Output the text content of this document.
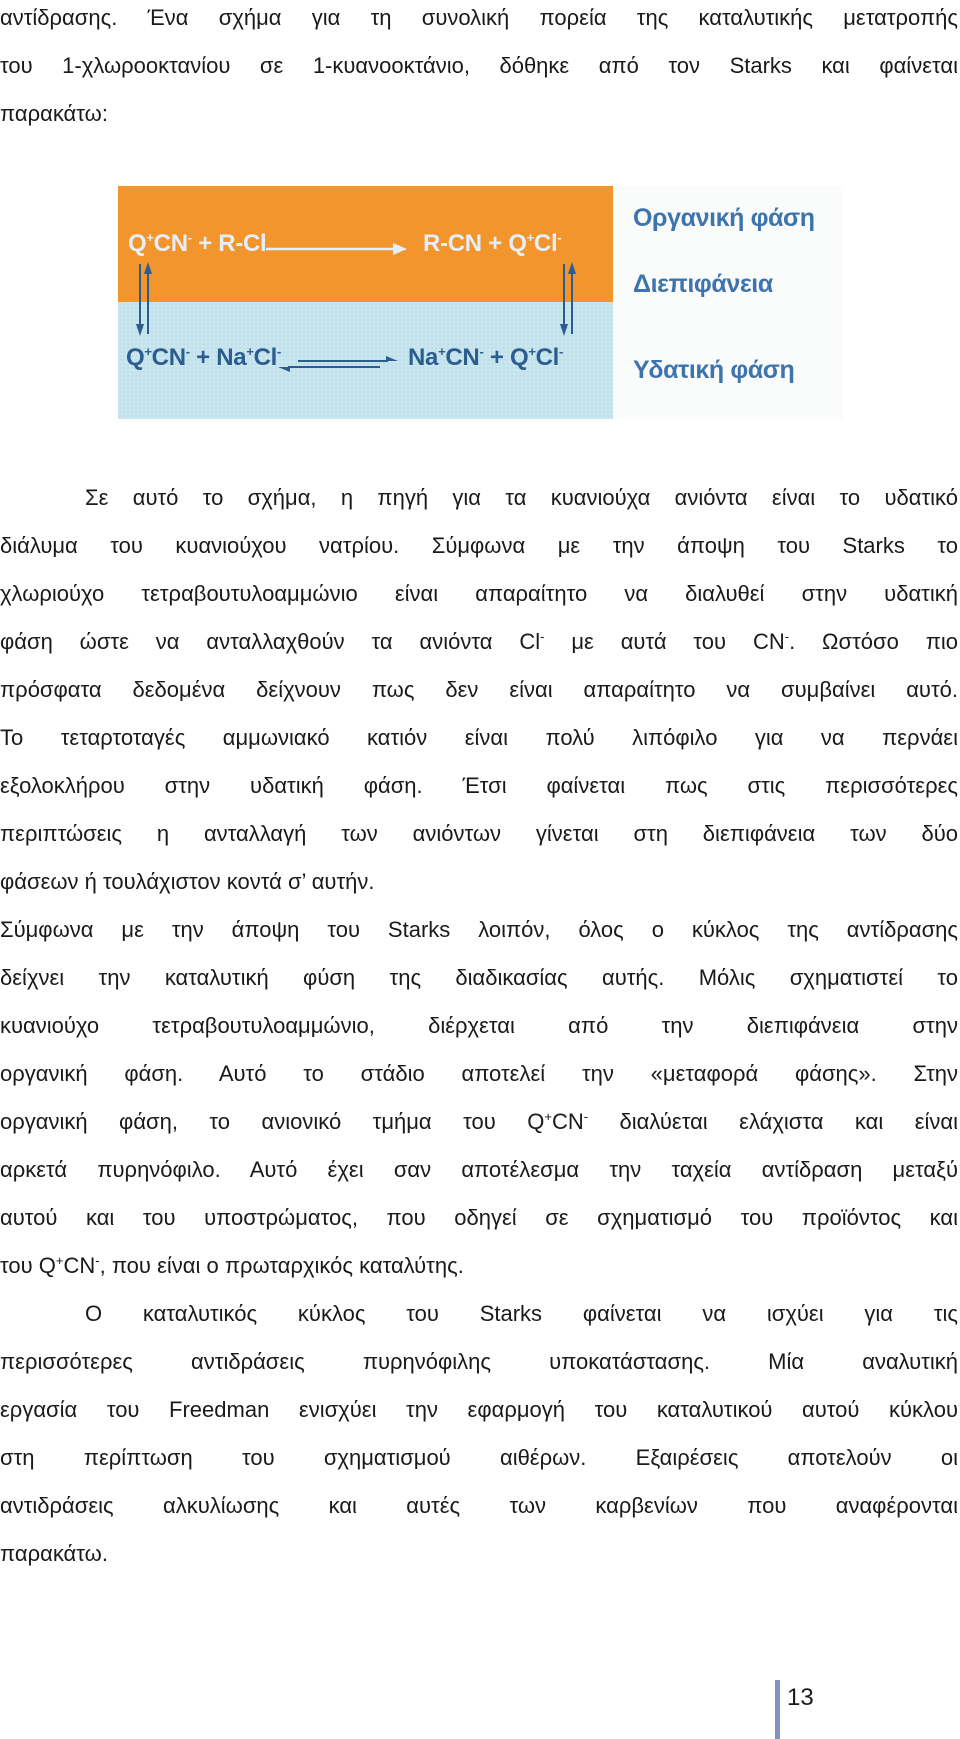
αντίδρασης. Ένα σχήμα για τη συνολική πορεία της καταλυτικής μετατροπής
του 1-χλωροοκτανίου σε 1-κυανοοκτάνιο, δόθηκε από τον Starks και φαίνεται
παρακάτω:

Q+CN- + R-Cl	R-CN + Q+Cl-
Q+CN- + Na+Cl-	Na+CN- + Q+Cl-
Οργανική φάση
Διεπιφάνεια
Υδατική φάση

Σε αυτό το σχήμα, η πηγή για τα κυανιούχα ανιόντα είναι το υδατικό
διάλυμα του κυανιούχου νατρίου. Σύμφωνα με την άποψη του Starks το
χλωριούχο τετραβουτυλοαμμώνιο είναι απαραίτητο να διαλυθεί στην υδατική
φάση ώστε να ανταλλαχθούν τα ανιόντα Cl- με αυτά του CN-. Ωστόσο πιο
πρόσφατα δεδομένα δείχνουν πως δεν είναι απαραίτητο να συμβαίνει αυτό.
Το τεταρτοταγές αμμωνιακό κατιόν είναι πολύ λιπόφιλο για να περνάει
εξολοκλήρου στην υδατική φάση. Έτσι φαίνεται πως στις περισσότερες
περιπτώσεις η ανταλλαγή των ανιόντων γίνεται στη διεπιφάνεια των δύο
φάσεων ή τουλάχιστον κοντά σ’ αυτήν.

Σύμφωνα με την άποψη του Starks λοιπόν, όλος ο κύκλος της αντίδρασης
δείχνει την καταλυτική φύση της διαδικασίας αυτής. Μόλις σχηματιστεί το
κυανιούχο τετραβουτυλοαμμώνιο, διέρχεται από την διεπιφάνεια στην
οργανική φάση. Αυτό το στάδιο αποτελεί την «μεταφορά φάσης». Στην
οργανική φάση, το ανιονικό τμήμα του Q+CN- διαλύεται ελάχιστα και είναι
αρκετά πυρηνόφιλο. Αυτό έχει σαν αποτέλεσμα την ταχεία αντίδραση μεταξύ
αυτού και του υποστρώματος, που οδηγεί σε σχηματισμό του προϊόντος και
του Q+CN-, που είναι ο πρωταρχικός καταλύτης.

Ο καταλυτικός κύκλος του Starks φαίνεται να ισχύει για τις
περισσότερες αντιδράσεις πυρηνόφιλης υποκατάστασης. Μία αναλυτική
εργασία του Freedman ενισχύει την εφαρμογή του καταλυτικού αυτού κύκλου
στη περίπτωση του σχηματισμού αιθέρων. Εξαιρέσεις αποτελούν οι
αντιδράσεις αλκυλίωσης και αυτές των καρβενίων που αναφέρονται
παρακάτω.

13
